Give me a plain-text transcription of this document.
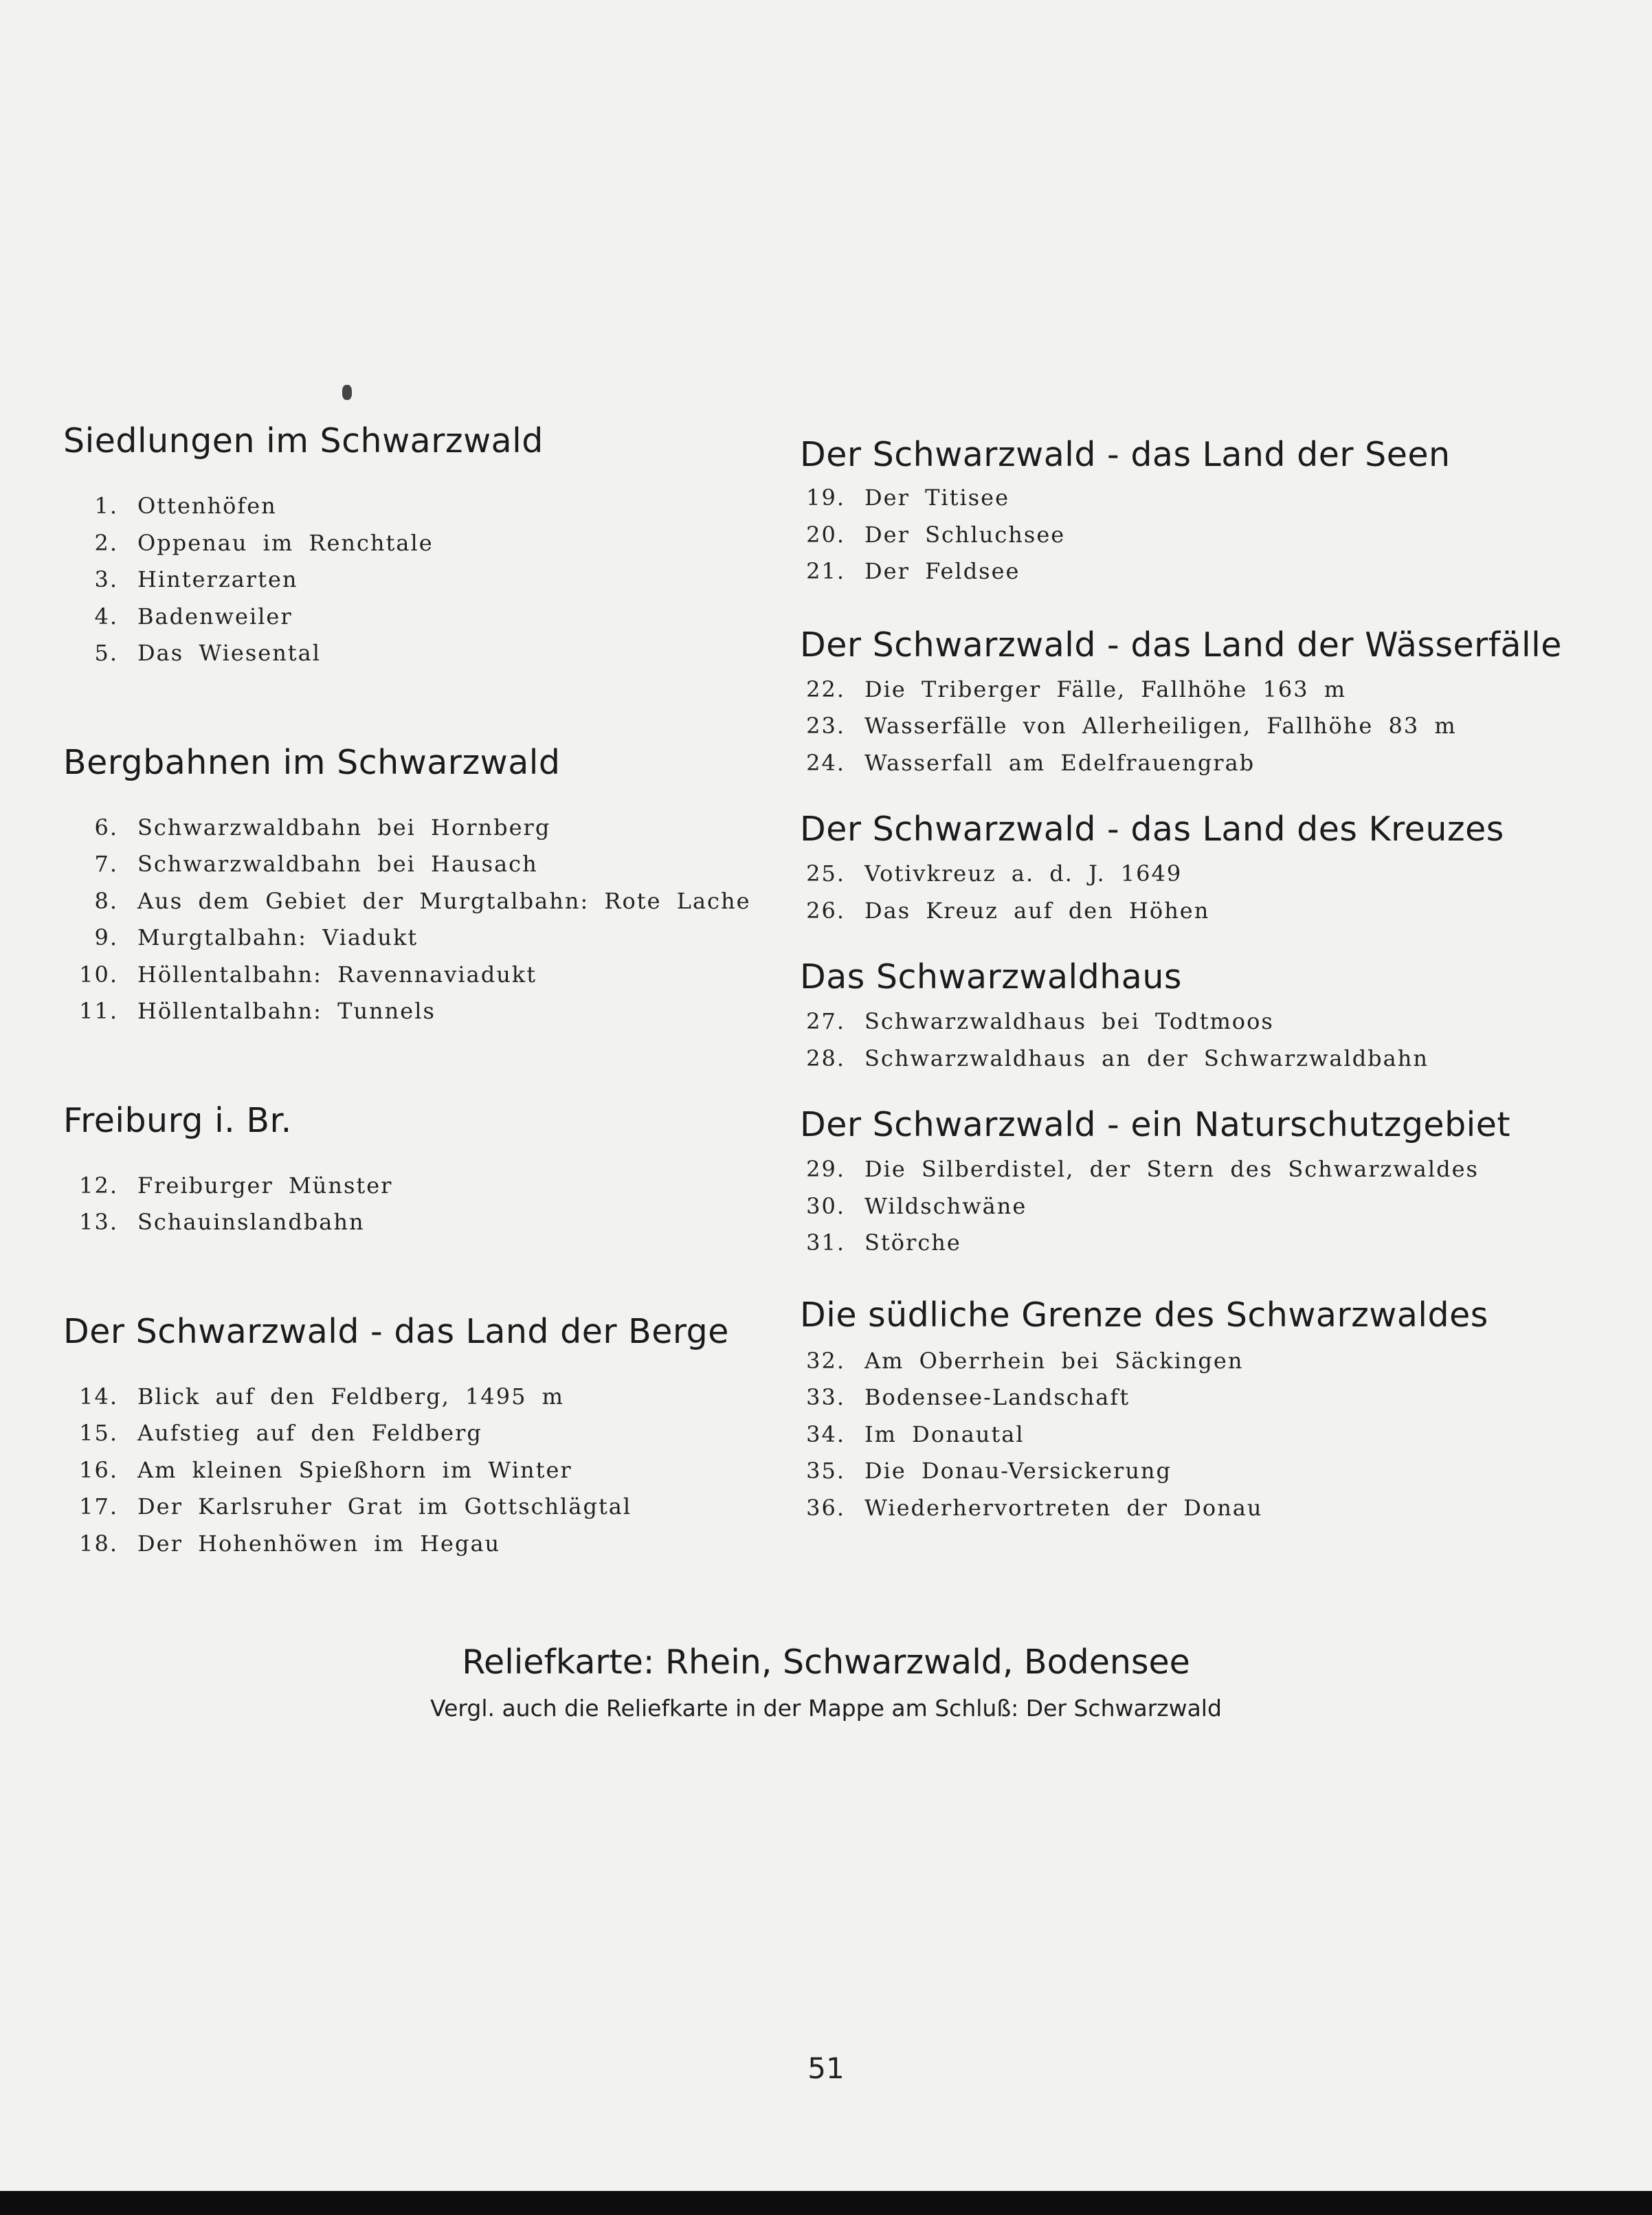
Siedlungen im Schwarzwald
1. Ottenhöfen
2. Oppenau im Renchtale
3. Hinterzarten
4. Badenweiler
5. Das Wiesental
Bergbahnen im Schwarzwald
6. Schwarzwaldbahn bei Hornberg
7. Schwarzwaldbahn bei Hausach
8. Aus dem Gebiet der Murgtalbahn: Rote Lache
9. Murgtalbahn: Viadukt
10. Höllentalbahn: Ravennaviadukt
11. Höllentalbahn: Tunnels
Freiburg i. Br.
12. Freiburger Münster
13. Schauinslandbahn
Der Schwarzwald - das Land der Berge
14. Blick auf den Feldberg, 1495 m
15. Aufstieg auf den Feldberg
16. Am kleinen Spießhorn im Winter
17. Der Karlsruher Grat im Gottschlägtal
18. Der Hohenhöwen im Hegau
Der Schwarzwald - das Land der Seen
19. Der Titisee
20. Der Schluchsee
21. Der Feldsee
Der Schwarzwald - das Land der Wässerfälle
22. Die Triberger Fälle, Fallhöhe 163 m
23. Wasserfälle von Allerheiligen, Fallhöhe 83 m
24. Wasserfall am Edelfrauengrab
Der Schwarzwald - das Land des Kreuzes
25. Votivkreuz a. d. J. 1649
26. Das Kreuz auf den Höhen
Das Schwarzwaldhaus
27. Schwarzwaldhaus bei Todtmoos
28. Schwarzwaldhaus an der Schwarzwaldbahn
Der Schwarzwald - ein Naturschutzgebiet
29. Die Silberdistel, der Stern des Schwarzwaldes
30. Wildschwäne
31. Störche
Die südliche Grenze des Schwarzwaldes
32. Am Oberrhein bei Säckingen
33. Bodensee-Landschaft
34. Im Donautal
35. Die Donau-Versickerung
36. Wiederhervortreten der Donau
Reliefkarte: Rhein, Schwarzwald, Bodensee
Vergl. auch die Reliefkarte in der Mappe am Schluß: Der Schwarzwald
51
